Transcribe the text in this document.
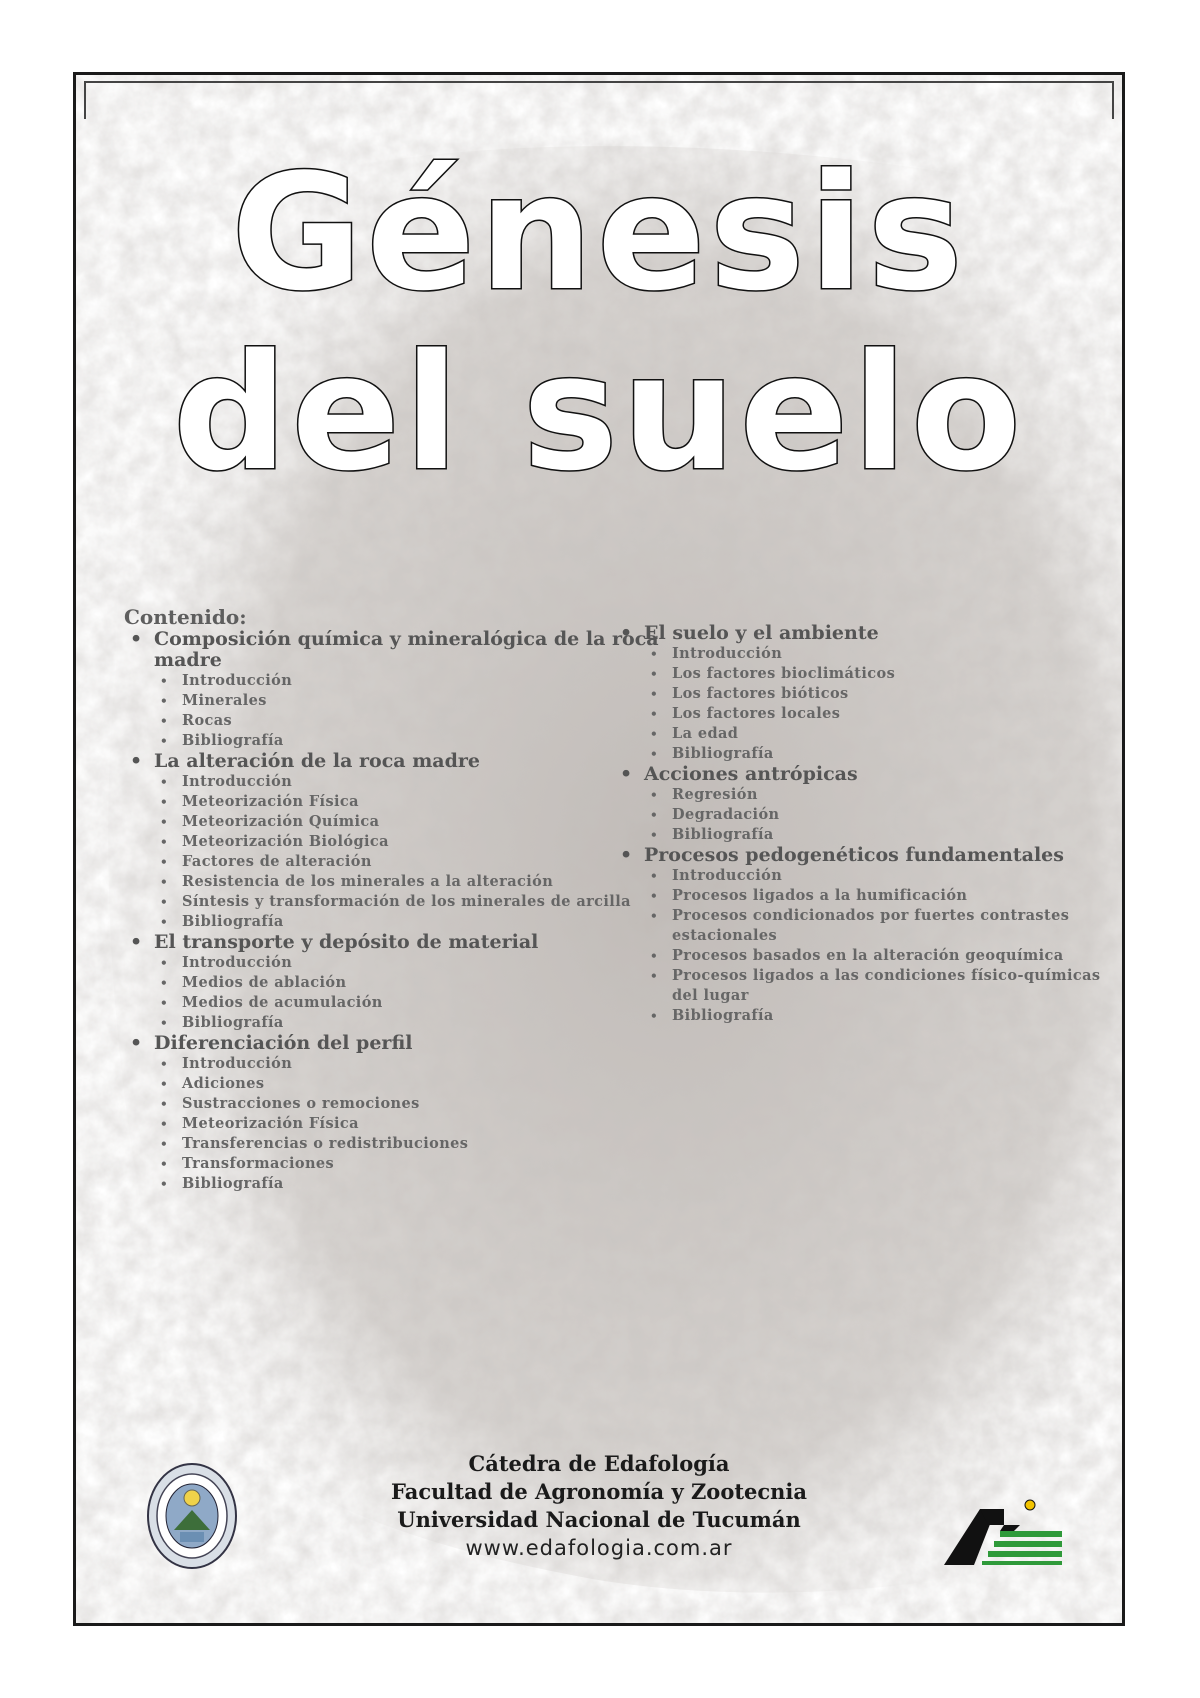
Génesis
del suelo
Contenido:
• Composición química y mineralógica de la roca madre
• Introducción
• Minerales
• Rocas
• Bibliografía
• La alteración de la roca madre
• Introducción
• Meteorización Física
• Meteorización Química
• Meteorización Biológica
• Factores de alteración
• Resistencia de los minerales a la alteración
• Síntesis y transformación de los minerales de arcilla
• Bibliografía
• El transporte y depósito de material
• Introducción
• Medios de ablación
• Medios de acumulación
• Bibliografía
• Diferenciación del perfil
• Introducción
• Adiciones
• Sustracciones o remociones
• Meteorización Física
• Transferencias o redistribuciones
• Transformaciones
• Bibliografía
• El suelo y el ambiente
• Introducción
• Los factores bioclimáticos
• Los factores bióticos
• Los factores locales
• La edad
• Bibliografía
• Acciones antrópicas
• Regresión
• Degradación
• Bibliografía
• Procesos pedogenéticos fundamentales
• Introducción
• Procesos ligados a la humificación
• Procesos condicionados por fuertes contrastes estacionales
• Procesos basados en la alteración geoquímica
• Procesos ligados a las condiciones físico-químicas del lugar
• Bibliografía
Cátedra de Edafología
Facultad de Agronomía y Zootecnia
Universidad Nacional de Tucumán
www.edafologia.com.ar
